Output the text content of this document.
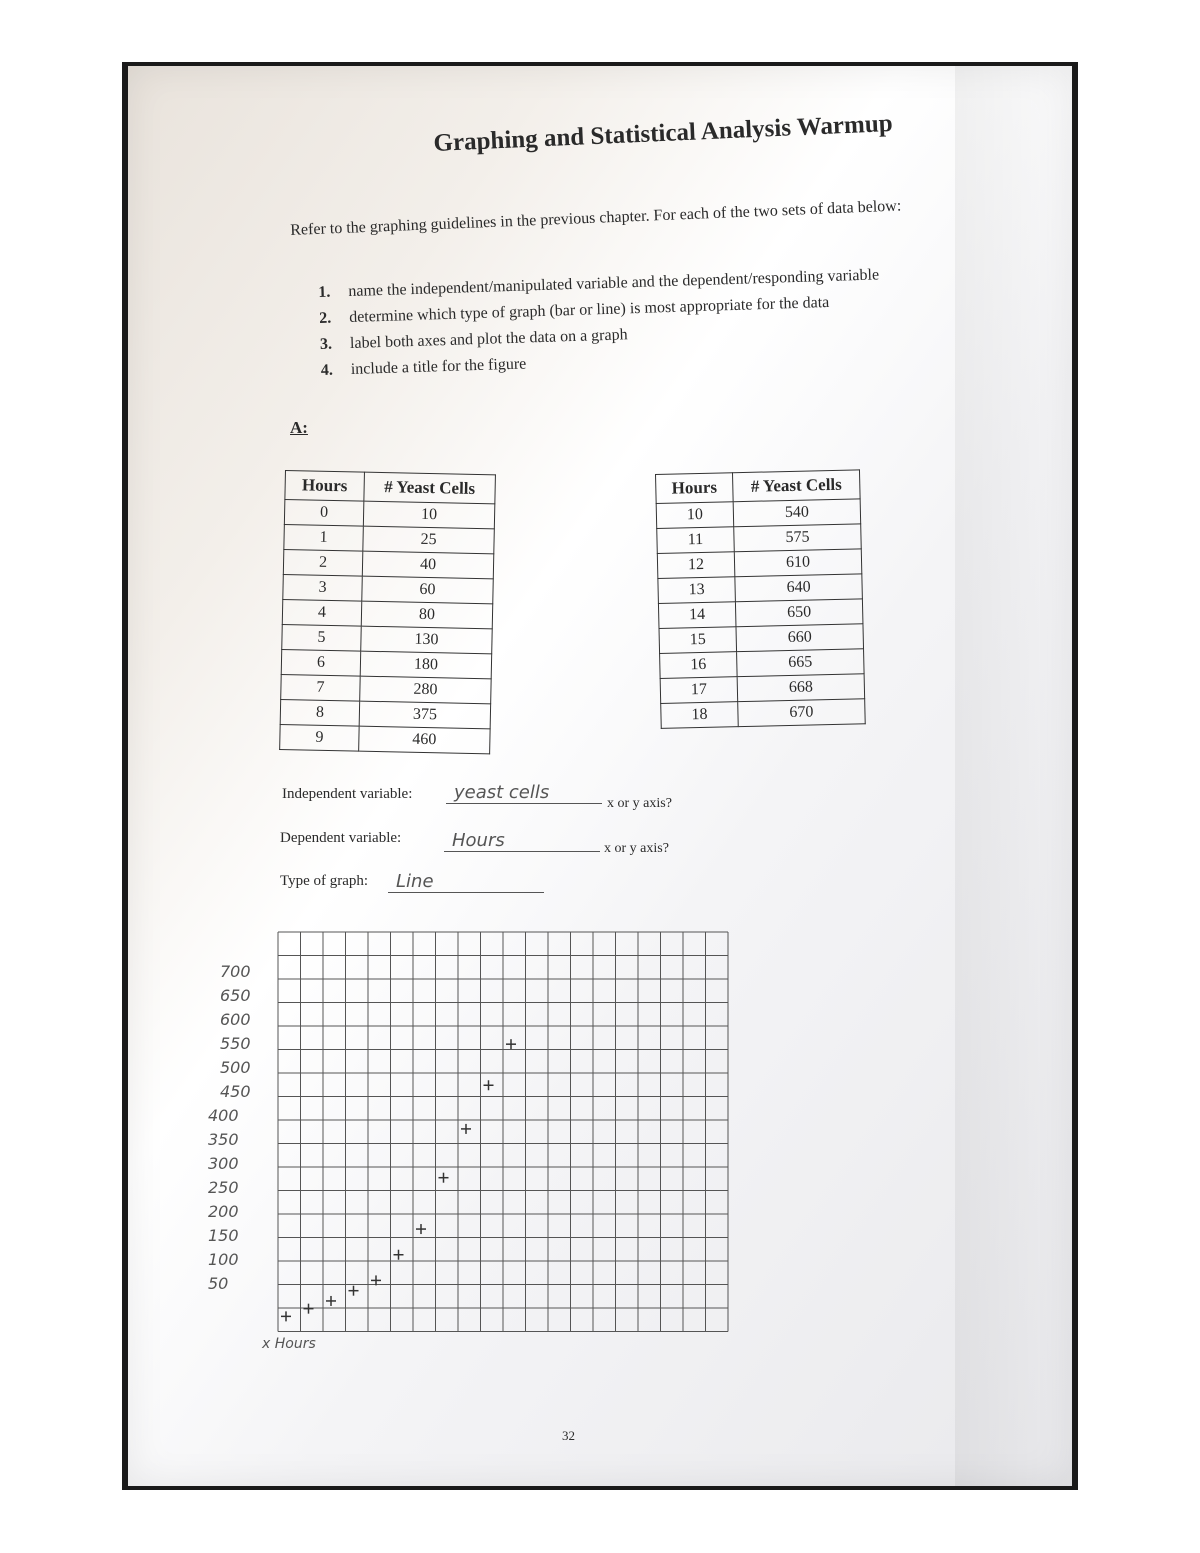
Graphing and Statistical Analysis Warmup
Refer to the graphing guidelines in the previous chapter. For each of the two sets of data below:
1. name the independent/manipulated variable and the dependent/responding variable
2. determine which type of graph (bar or line) is most appropriate for the data
3. label both axes and plot the data on a graph
4. include a title for the figure
A:
Hours	# Yeast Cells
0	10
1	25
2	40
3	60
4	80
5	130
6	180
7	280
8	375
9	460
Hours	# Yeast Cells
10	540
11	575
12	610
13	640
14	650
15	660
16	665
17	668
18	670
Independent variable:	yeast cells
x or y axis?
Dependent variable:	Hours	x or y axis?
Type of graph:	Line
700
650
600
550
500
450
400
350
300
250
200
150
100
50
x Hours
32
